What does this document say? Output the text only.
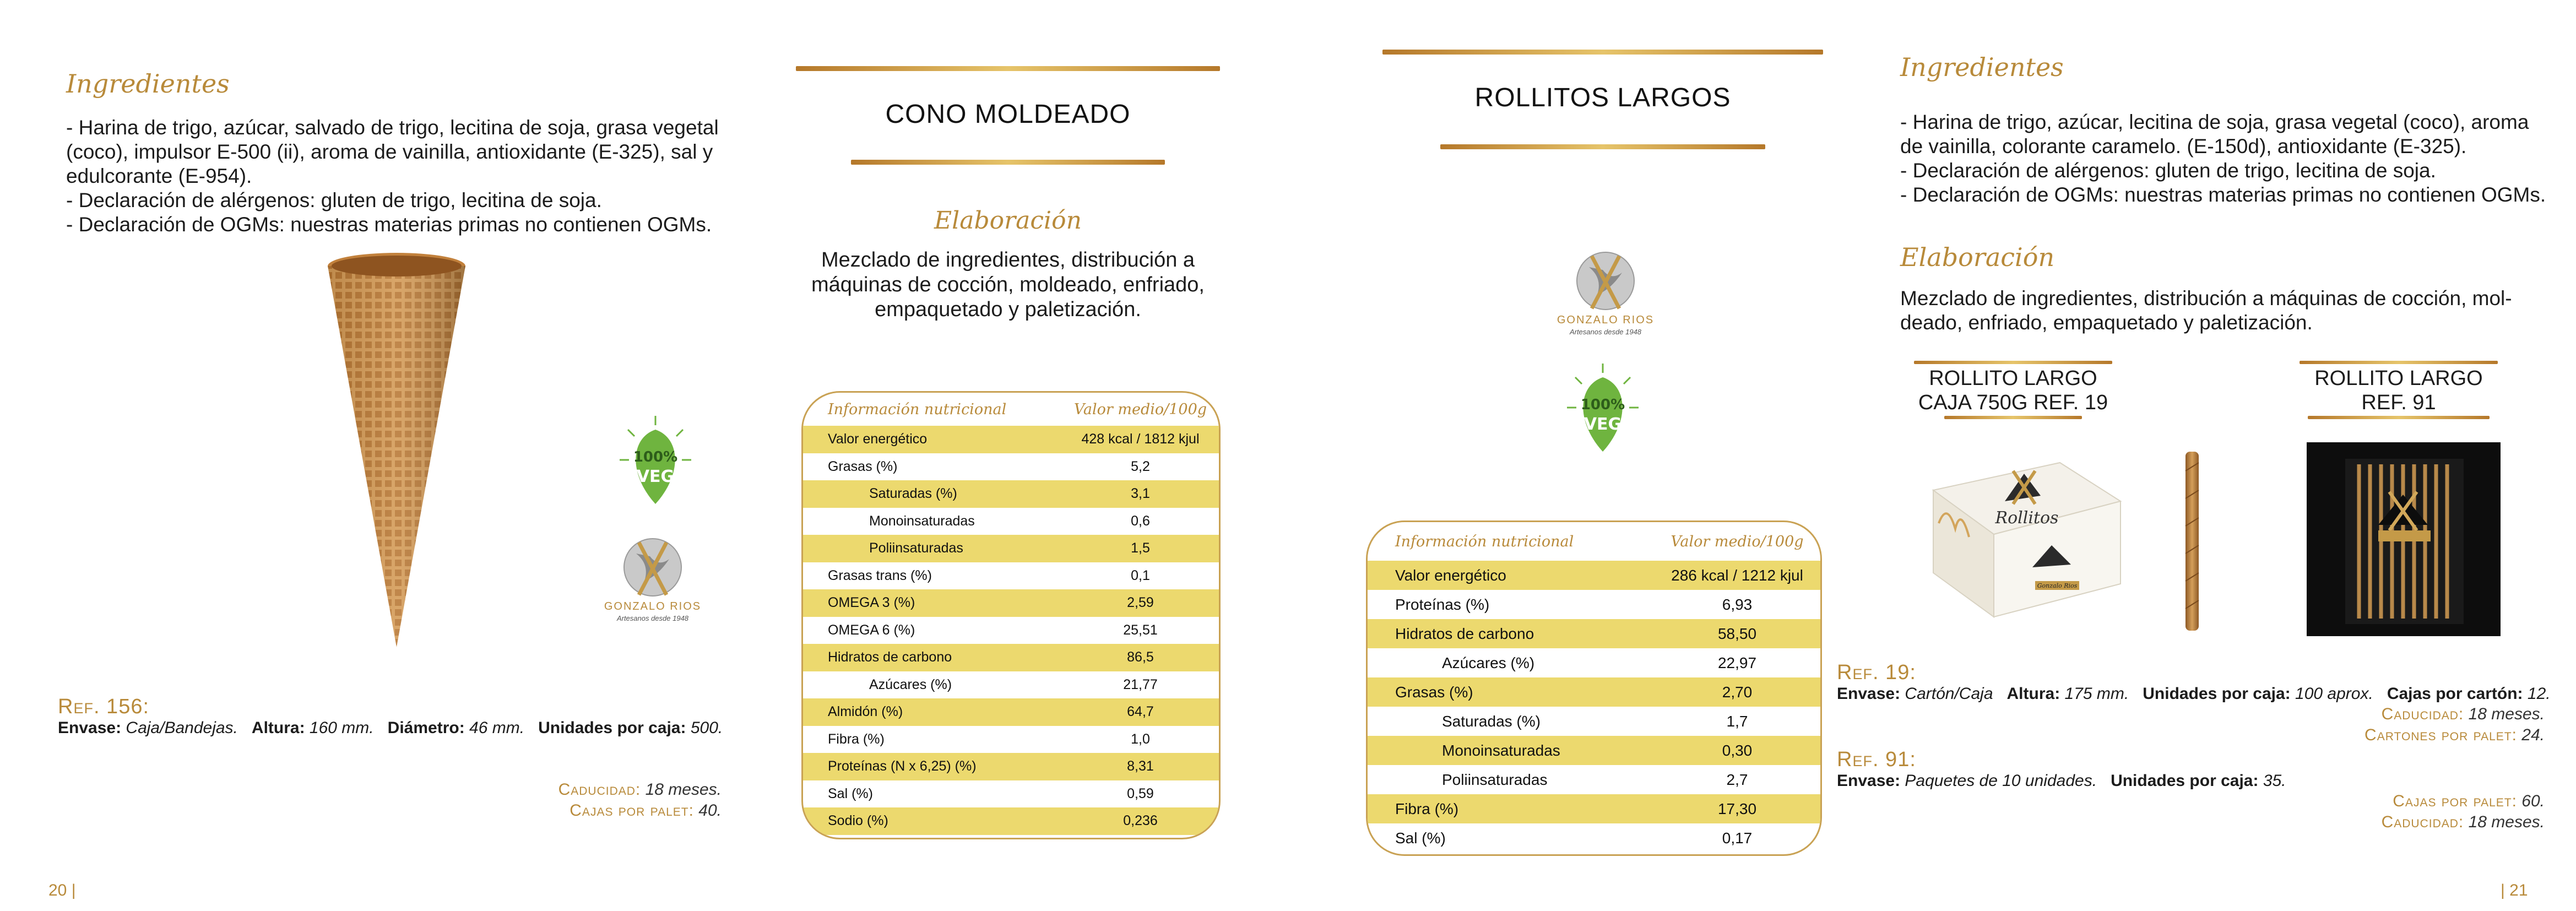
Ingredientes
- Harina de trigo, azúcar, salvado de trigo, lecitina de soja, grasa vegetal
(coco), impulsor E-500 (ii), aroma de vainilla, antioxidante (E-325), sal y
edulcorante (E-954).
- Declaración de alérgenos: gluten de trigo, lecitina de soja.
- Declaración de OGMs: nuestras materias primas no contienen OGMs.
100%
VEG
GONZALO RIOS
Artesanos desde 1948
Ref. 156:
Envase: Caja/Bandejas. Altura: 160 mm. Diámetro: 46 mm. Unidades por caja: 500.
Caducidad: 18 meses.
Cajas por palet: 40.
20 |
CONO MOLDEADO
Elaboración
Mezclado de ingredientes, distribución a
máquinas de cocción, moldeado, enfriado,
empaquetado y paletización.
Información nutricional	Valor medio/100g
Valor energético	428 kcal / 1812 kjul
Grasas (%)	5,2
Saturadas (%)	3,1
Monoinsaturadas	0,6
Poliinsaturadas	1,5
Grasas trans (%)	0,1
OMEGA 3 (%)	2,59
OMEGA 6 (%)	25,51
Hidratos de carbono	86,5
Azúcares (%)	21,77
Almidón (%)	64,7
Fibra (%)	1,0
Proteínas (N x 6,25) (%)	8,31
Sal (%)	0,59
Sodio (%)	0,236
ROLLITOS LARGOS
GONZALO RIOS
Artesanos desde 1948
100%
VEG
Información nutricional	Valor medio/100g
Valor energético	286 kcal / 1212 kjul
Proteínas (%)	6,93
Hidratos de carbono	58,50
Azúcares (%)	22,97
Grasas (%)	2,70
Saturadas (%)	1,7
Monoinsaturadas	0,30
Poliinsaturadas	2,7
Fibra (%)	17,30
Sal (%)	0,17
Ingredientes
- Harina de trigo, azúcar, lecitina de soja, grasa vegetal (coco), aroma
de vainilla, colorante caramelo. (E-150d), antioxidante (E-325).
- Declaración de alérgenos: gluten de trigo, lecitina de soja.
- Declaración de OGMs: nuestras materias primas no contienen OGMs.
Elaboración
Mezclado de ingredientes, distribución a máquinas de cocción, mol-
deado, enfriado, empaquetado y paletización.
ROLLITO LARGO
CAJA 750G REF. 19
ROLLITO LARGO
REF. 91
Rollitos
Gonzalo Rios
Ref. 19:
Envase: Cartón/Caja Altura: 175 mm. Unidades por caja: 100 aprox. Cajas por cartón: 12.
Caducidad: 18 meses.
Cartones por palet: 24.
Ref. 91:
Envase: Paquetes de 10 unidades. Unidades por caja: 35.
Cajas por palet: 60.
Caducidad: 18 meses.
| 21
